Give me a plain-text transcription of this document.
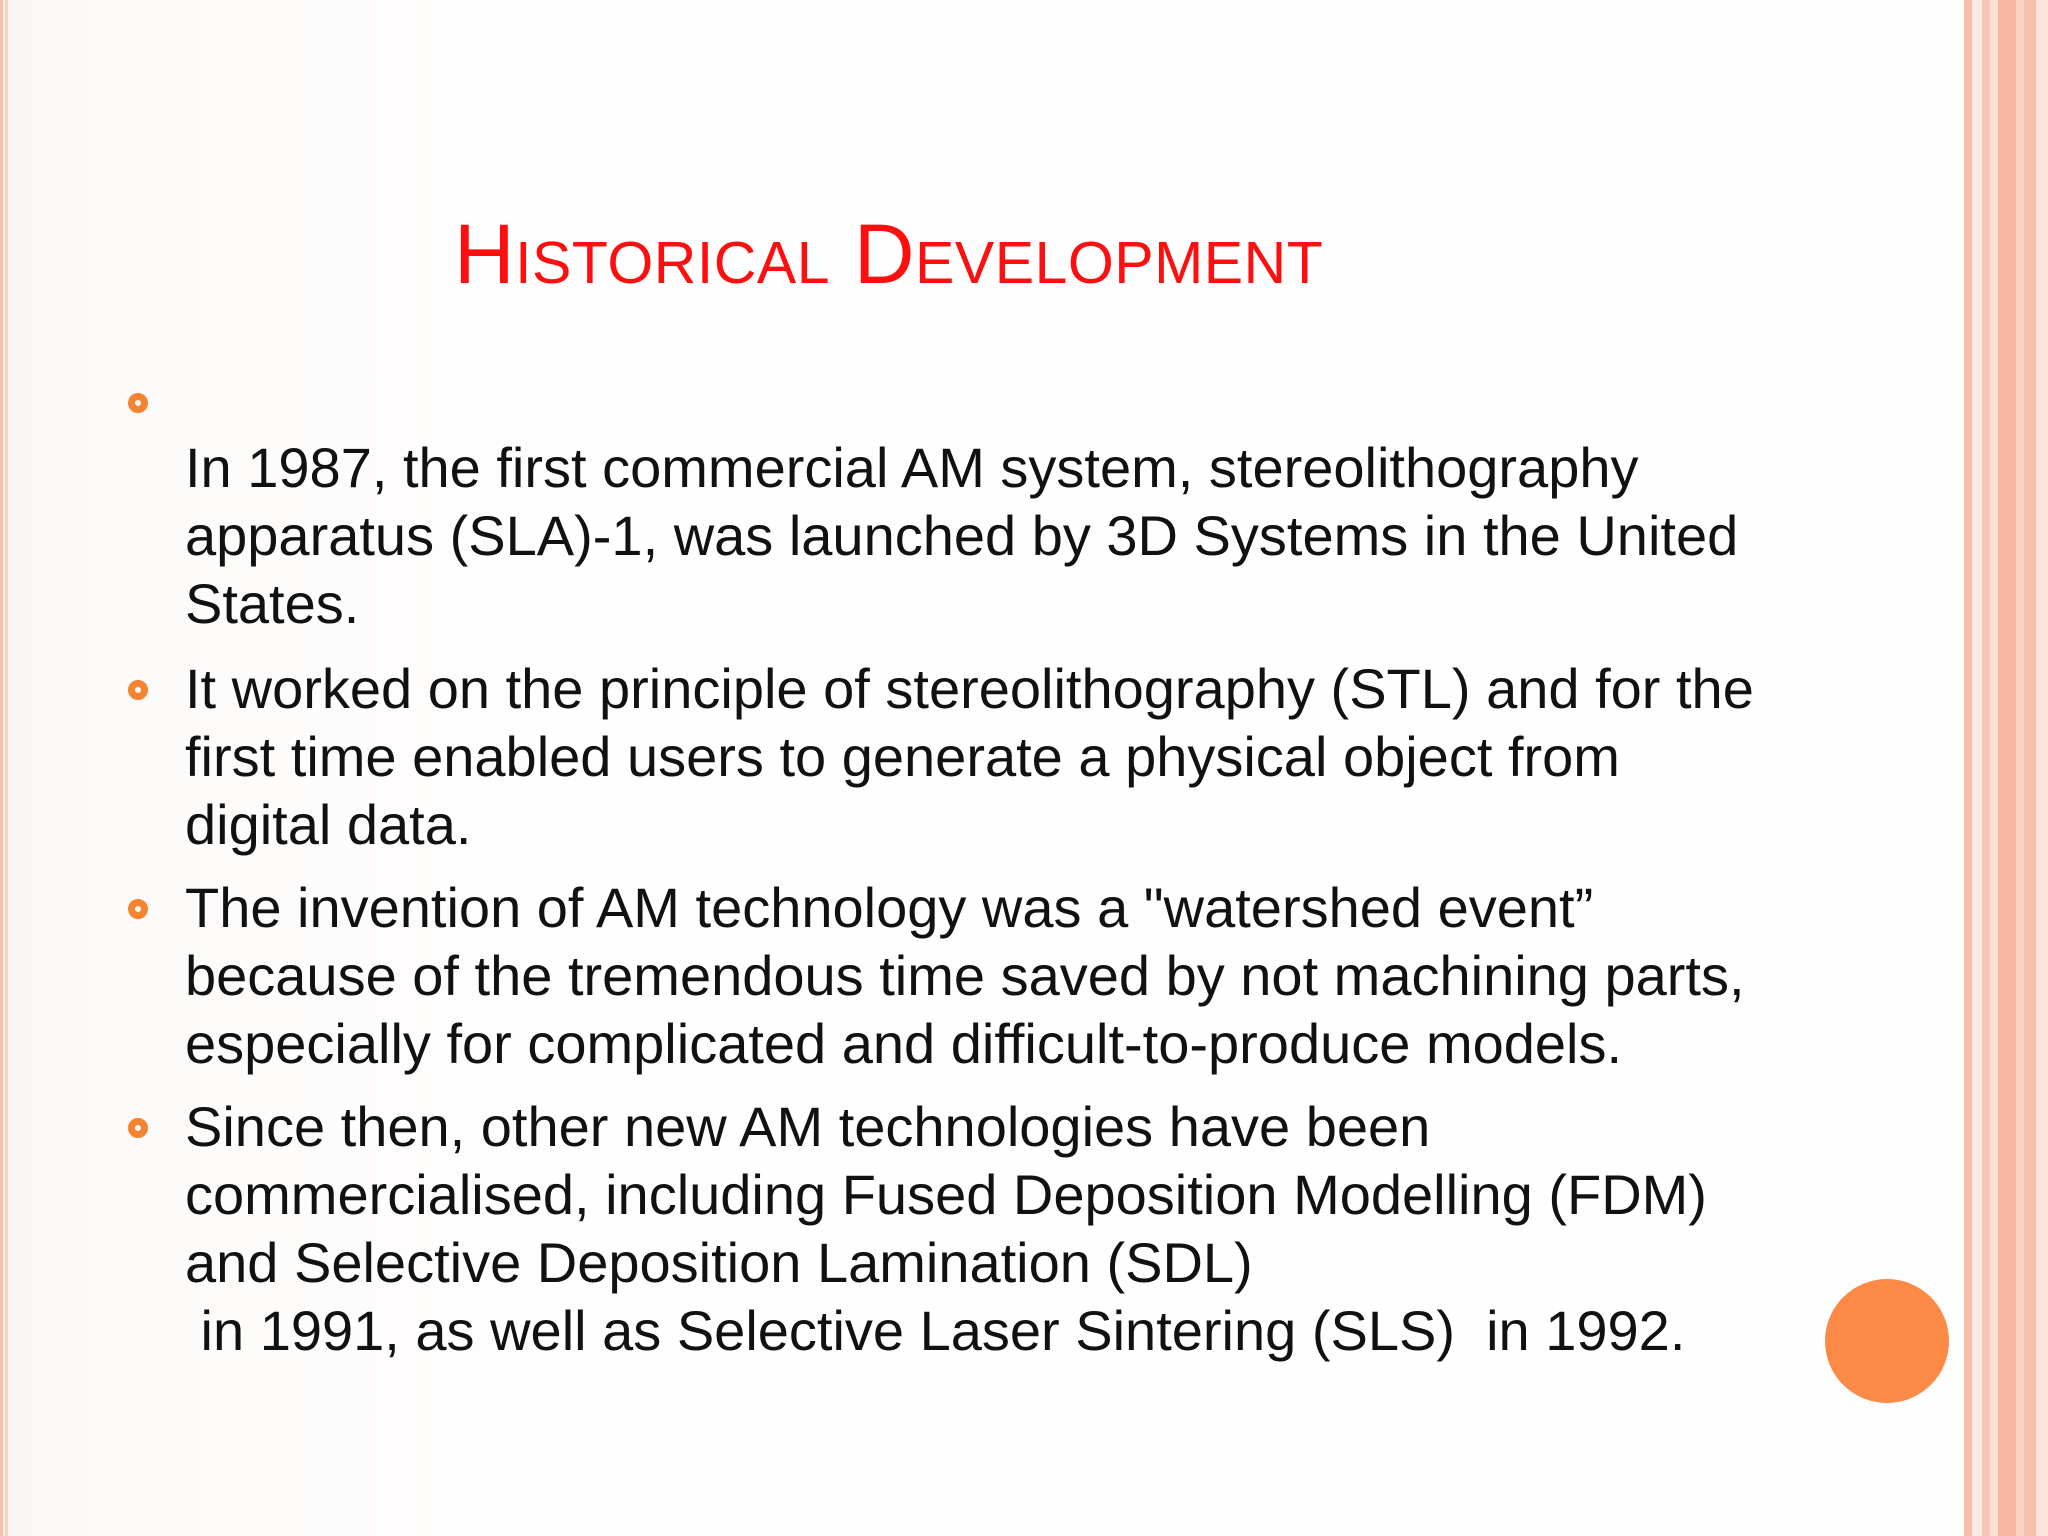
Historical Development
In 1987, the first commercial AM system, stereolithography
apparatus (SLA)-1, was launched by 3D Systems in the United
States.
It worked on the principle of stereolithography (STL) and for the
first time enabled users to generate a physical object from
digital data.
The invention of AM technology was a "watershed event”
because of the tremendous time saved by not machining parts,
especially for complicated and difficult-to-produce models.
Since then, other new AM technologies have been
commercialised, including Fused Deposition Modelling (FDM)
and Selective Deposition Lamination (SDL)
in 1991, as well as Selective Laser Sintering (SLS)  in 1992.
